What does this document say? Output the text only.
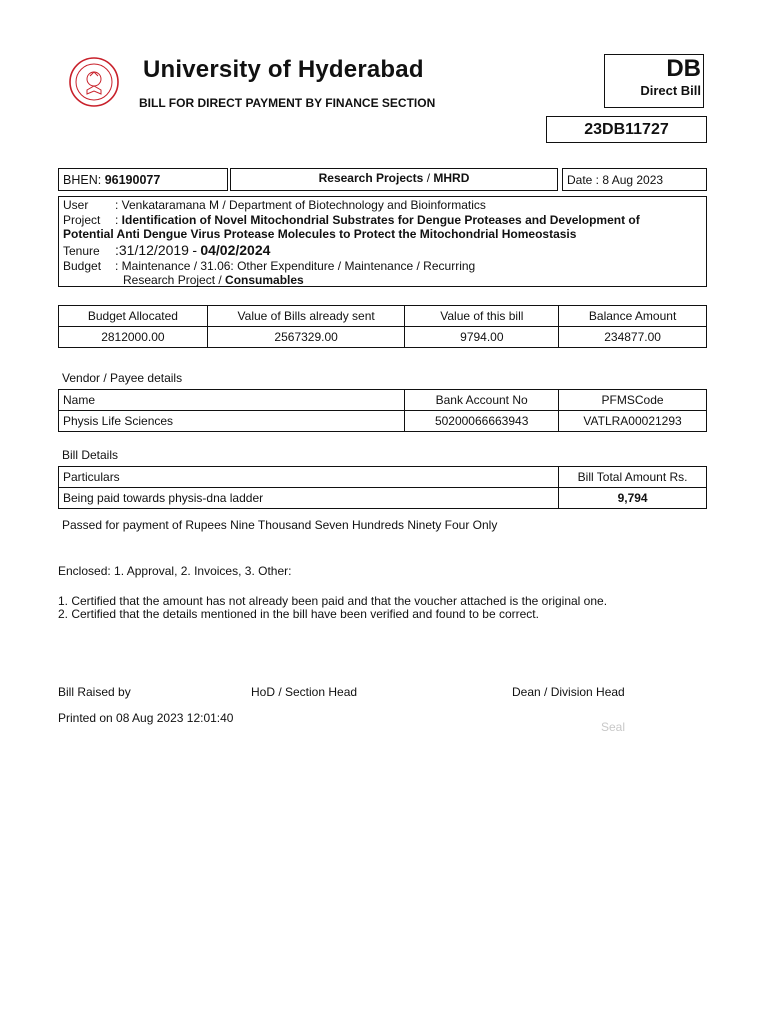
University of Hyderabad
BILL FOR DIRECT PAYMENT BY FINANCE SECTION
DB
Direct Bill
23DB11727
BHEN: 96190077	Research Projects / MHRD	Date : 8 Aug 2023
User : Venkataramana M / Department of Biotechnology and Bioinformatics
Project : Identification of Novel Mitochondrial Substrates for Dengue Proteases and Development of
Potential Anti Dengue Virus Protease Molecules to Protect the Mitochondrial Homeostasis
Tenure :31/12/2019 - 04/02/2024
Budget : Maintenance / 31.06: Other Expenditure / Maintenance / Recurring
Research Project / Consumables
Budget Allocated	Value of Bills already sent	Value of this bill	Balance Amount
2812000.00	2567329.00	9794.00	234877.00
Vendor / Payee details
Name	Bank Account No	PFMSCode
Physis Life Sciences	50200066663943	VATLRA00021293
Bill Details
Particulars	Bill Total Amount Rs.
Being paid towards physis-dna ladder	9,794
Passed for payment of Rupees Nine Thousand Seven Hundreds Ninety Four Only
Enclosed: 1. Approval, 2. Invoices, 3. Other:
1. Certified that the amount has not already been paid and that the voucher attached is the original one.
2. Certified that the details mentioned in the bill have been verified and found to be correct.
Bill Raised by	HoD / Section Head	Dean / Division Head
Printed on 08 Aug 2023 12:01:40
Seal
